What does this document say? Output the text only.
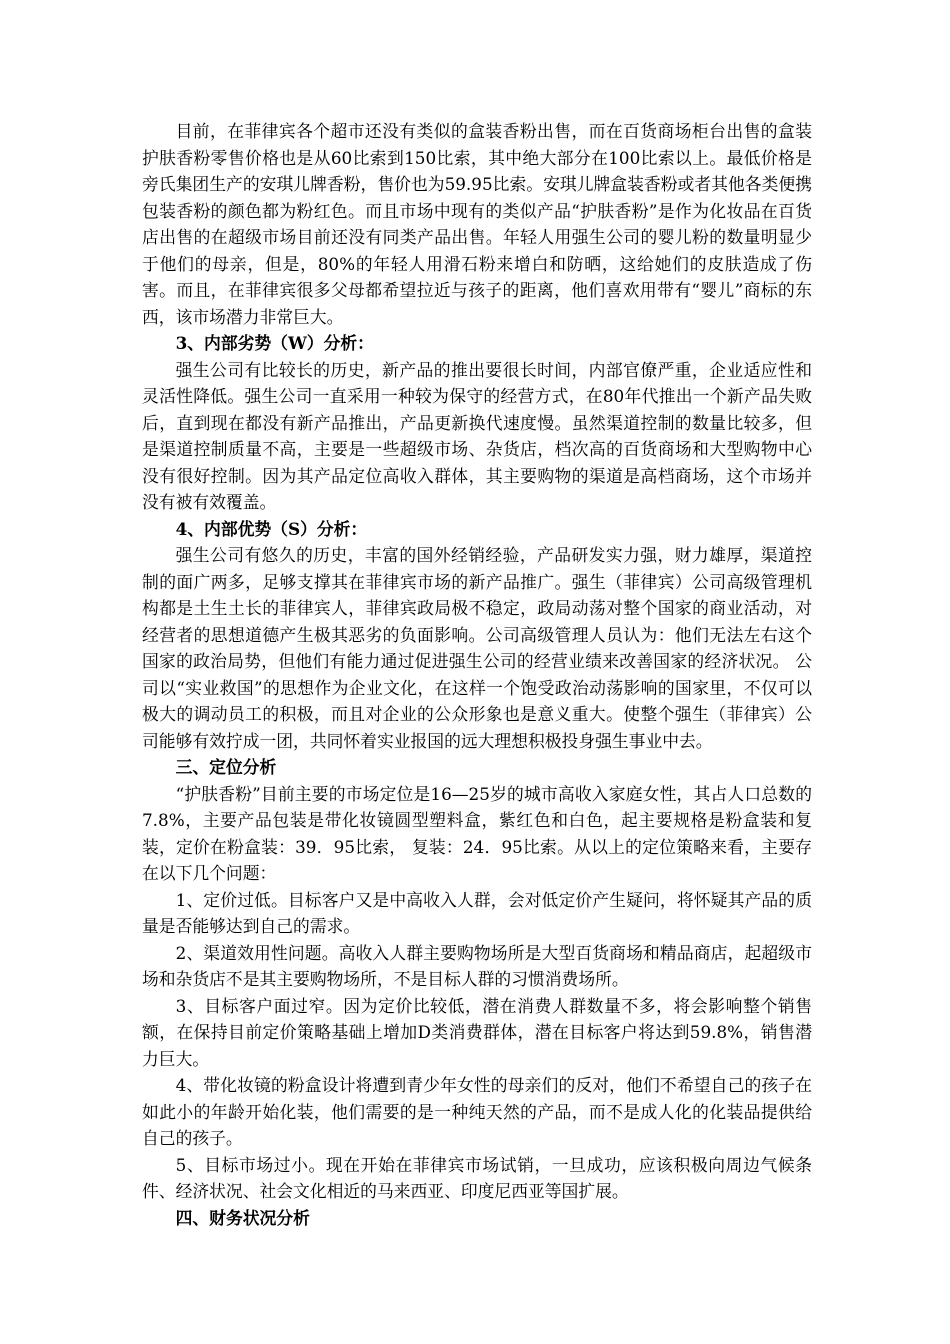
目前，在菲律宾各个超市还没有类似的盒装香粉出售，而在百货商场柜台出售的盒装护肤香粉零售价格也是从60比索到150比索，其中绝大部分在100比索以上。最低价格是旁氏集团生产的安琪儿牌香粉，售价也为59.95比索。安琪儿牌盒装香粉或者其他各类便携包装香粉的颜色都为粉红色。而且市场中现有的类似产品“护肤香粉”是作为化妆品在百货店出售的在超级市场目前还没有同类产品出售。年轻人用强生公司的婴儿粉的数量明显少于他们的母亲，但是，80%的年轻人用滑石粉来增白和防晒，这给她们的皮肤造成了伤害。而且，在菲律宾很多父母都希望拉近与孩子的距离，他们喜欢用带有“婴儿”商标的东西，该市场潜力非常巨大。

3、内部劣势（W）分析：

强生公司有比较长的历史，新产品的推出要很长时间，内部官僚严重，企业适应性和灵活性降低。强生公司一直采用一种较为保守的经营方式，在80年代推出一个新产品失败后，直到现在都没有新产品推出，产品更新换代速度慢。虽然渠道控制的数量比较多，但是渠道控制质量不高，主要是一些超级市场、杂货店，档次高的百货商场和大型购物中心没有很好控制。因为其产品定位高收入群体，其主要购物的渠道是高档商场，这个市场并没有被有效覆盖。

4、内部优势（S）分析：

强生公司有悠久的历史，丰富的国外经销经验，产品研发实力强，财力雄厚，渠道控制的面广两多，足够支撑其在菲律宾市场的新产品推广。强生（菲律宾）公司高级管理机构都是土生土长的菲律宾人，菲律宾政局极不稳定，政局动荡对整个国家的商业活动，对经营者的思想道德产生极其恶劣的负面影响。公司高级管理人员认为：他们无法左右这个国家的政治局势，但他们有能力通过促进强生公司的经营业绩来改善国家的经济状况。 公司以“实业救国”的思想作为企业文化，在这样一个饱受政治动荡影响的国家里，不仅可以极大的调动员工的积极，而且对企业的公众形象也是意义重大。使整个强生（菲律宾）公司能够有效拧成一团，共同怀着实业报国的远大理想积极投身强生事业中去。

三、定位分析

“护肤香粉”目前主要的市场定位是16—25岁的城市高收入家庭女性，其占人口总数的7.8%，主要产品包装是带化妆镜圆型塑料盒，紫红色和白色，起主要规格是粉盒装和复装，定价在粉盒装：39．95比索， 复装：24．95比索。从以上的定位策略来看，主要存在以下几个问题：

1、定价过低。目标客户又是中高收入人群，会对低定价产生疑问，将怀疑其产品的质量是否能够达到自己的需求。

2、渠道效用性问题。高收入人群主要购物场所是大型百货商场和精品商店，起超级市场和杂货店不是其主要购物场所，不是目标人群的习惯消费场所。

3、目标客户面过窄。因为定价比较低，潜在消费人群数量不多，将会影响整个销售额，在保持目前定价策略基础上增加D类消费群体，潜在目标客户将达到59.8%，销售潜力巨大。

4、带化妆镜的粉盒设计将遭到青少年女性的母亲们的反对，他们不希望自己的孩子在如此小的年龄开始化装，他们需要的是一种纯天然的产品，而不是成人化的化装品提供给自己的孩子。

5、目标市场过小。现在开始在菲律宾市场试销，一旦成功，应该积极向周边气候条件、经济状况、社会文化相近的马来西亚、印度尼西亚等国扩展。

四、财务状况分析
